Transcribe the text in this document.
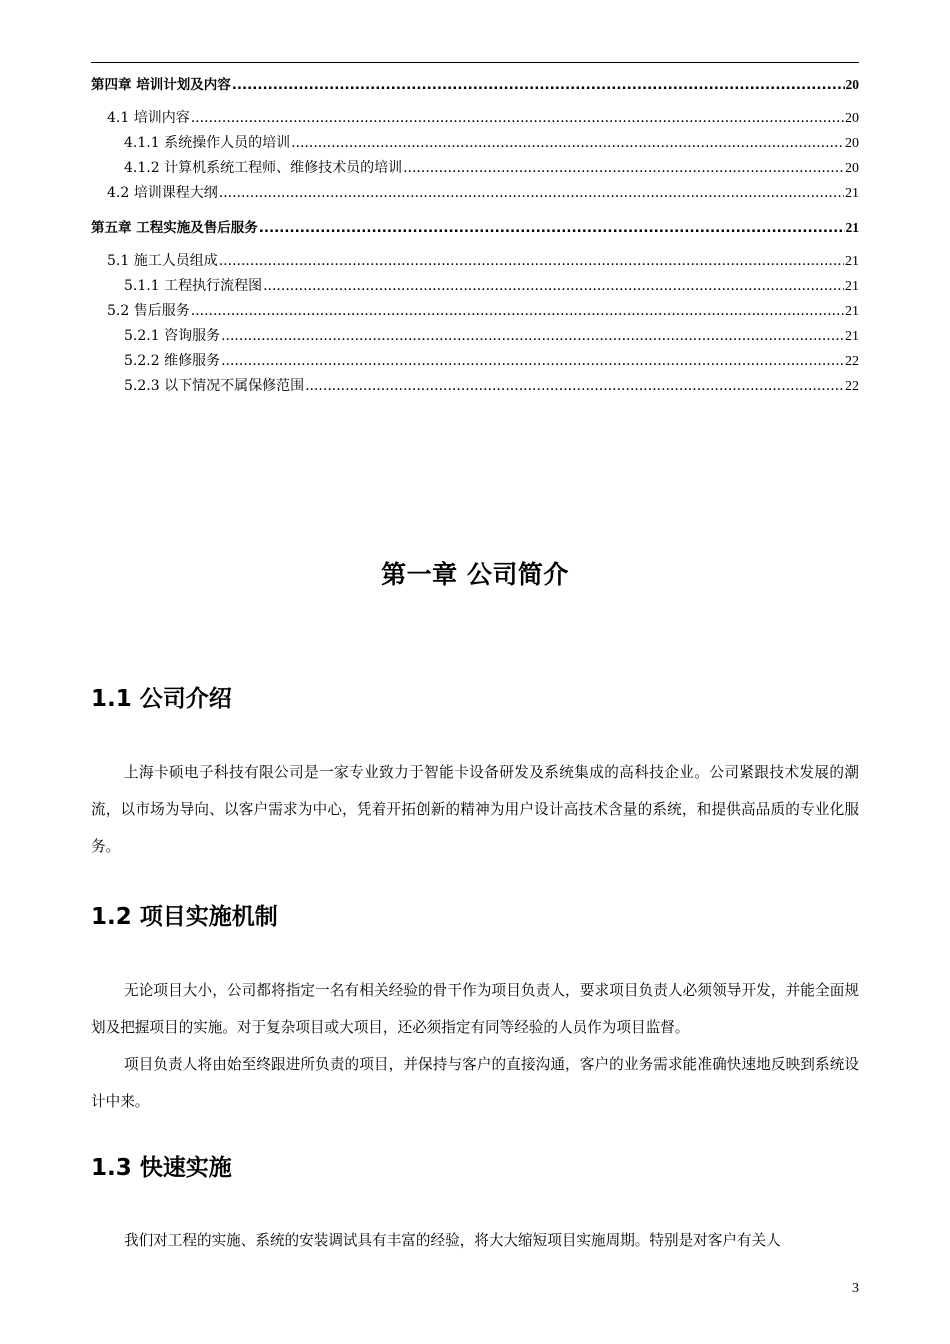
第四章 培训计划及内容 .....	20
4.1 培训内容 .....	20
4.1.1 系统操作人员的培训 .....	20
4.1.2 计算机系统工程师、维修技术员的培训 .....	20
4.2 培训课程大纲 .....	21
第五章 工程实施及售后服务 .....	21
5.1 施工人员组成 .....	21
5.1.1 工程执行流程图 .....	21
5.2 售后服务 .....	21
5.2.1 咨询服务 .....	21
5.2.2 维修服务 .....	22
5.2.3 以下情况不属保修范围 .....	22
第一章 公司简介
1.1 公司介绍

上海卡硕电子科技有限公司是一家专业致力于智能卡设备研发及系统集成的高科技企业。公司紧跟技术发展的潮流，以市场为导向、以客户需求为中心，凭着开拓创新的精神为用户设计高技术含量的系统，和提供高品质的专业化服务。

1.2 项目实施机制

无论项目大小，公司都将指定一名有相关经验的骨干作为项目负责人，要求项目负责人必须领导开发，并能全面规划及把握项目的实施。对于复杂项目或大项目，还必须指定有同等经验的人员作为项目监督。

项目负责人将由始至终跟进所负责的项目，并保持与客户的直接沟通，客户的业务需求能准确快速地反映到系统设计中来。

1.3 快速实施

我们对工程的实施、系统的安装调试具有丰富的经验，将大大缩短项目实施周期。特别是对客户有关人

3
